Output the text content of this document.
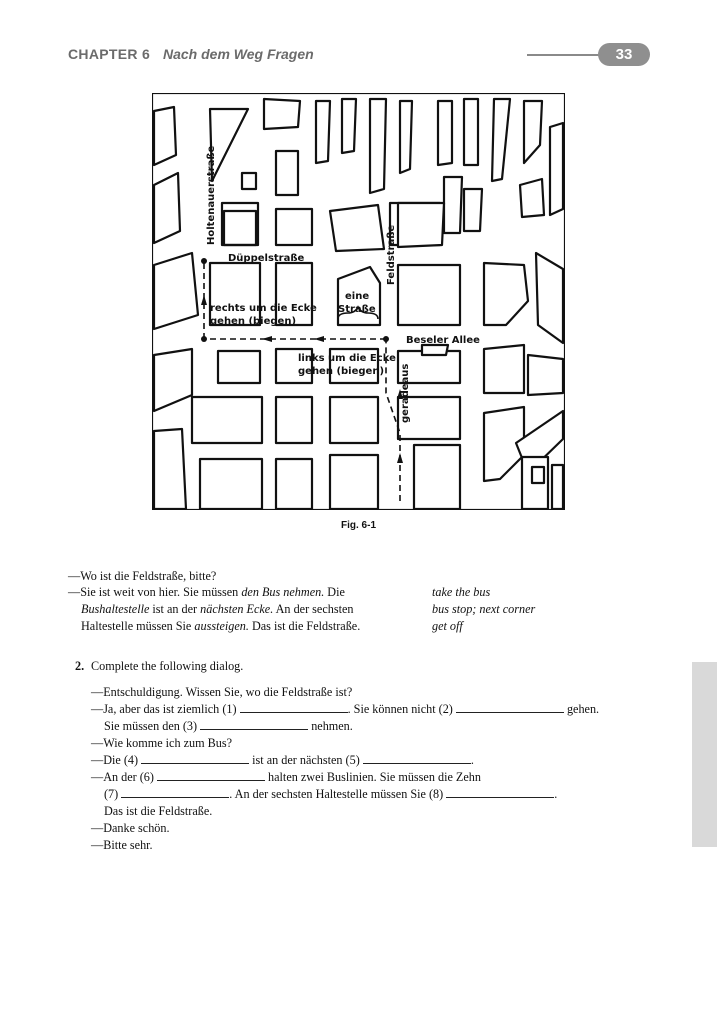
CHAPTER 6 Nach dem Weg Fragen	33
Holtenauerstraße
Düppelstraße	Feldstraße
Beseler Allee
rechts um die Ecke
gehen (biegen)
eine
Straße
links um die Ecke
gehen (biegen) geradeaus
Fig. 6-1
—Wo ist die Feldstraße, bitte?
—Sie ist weit von hier. Sie müssen den Bus nehmen. Die
Bushaltestelle ist an der nächsten Ecke. An der sechsten
Haltestelle müssen Sie aussteigen. Das ist die Feldstraße.
take the bus
bus stop; next corner
get off
2. Complete the following dialog.
—Entschuldigung. Wissen Sie, wo die Feldstraße ist?
—Ja, aber das ist ziemlich (1)	. Sie können nicht (2)	gehen.
Sie müssen den (3)	nehmen.
—Wie komme ich zum Bus?
—Die (4)	ist an der nächsten (5)	.
—An der (6)	halten zwei Buslinien. Sie müssen die Zehn
(7)	. An der sechsten Haltestelle müssen Sie (8)	.
Das ist die Feldstraße.
—Danke schön.
—Bitte sehr.
